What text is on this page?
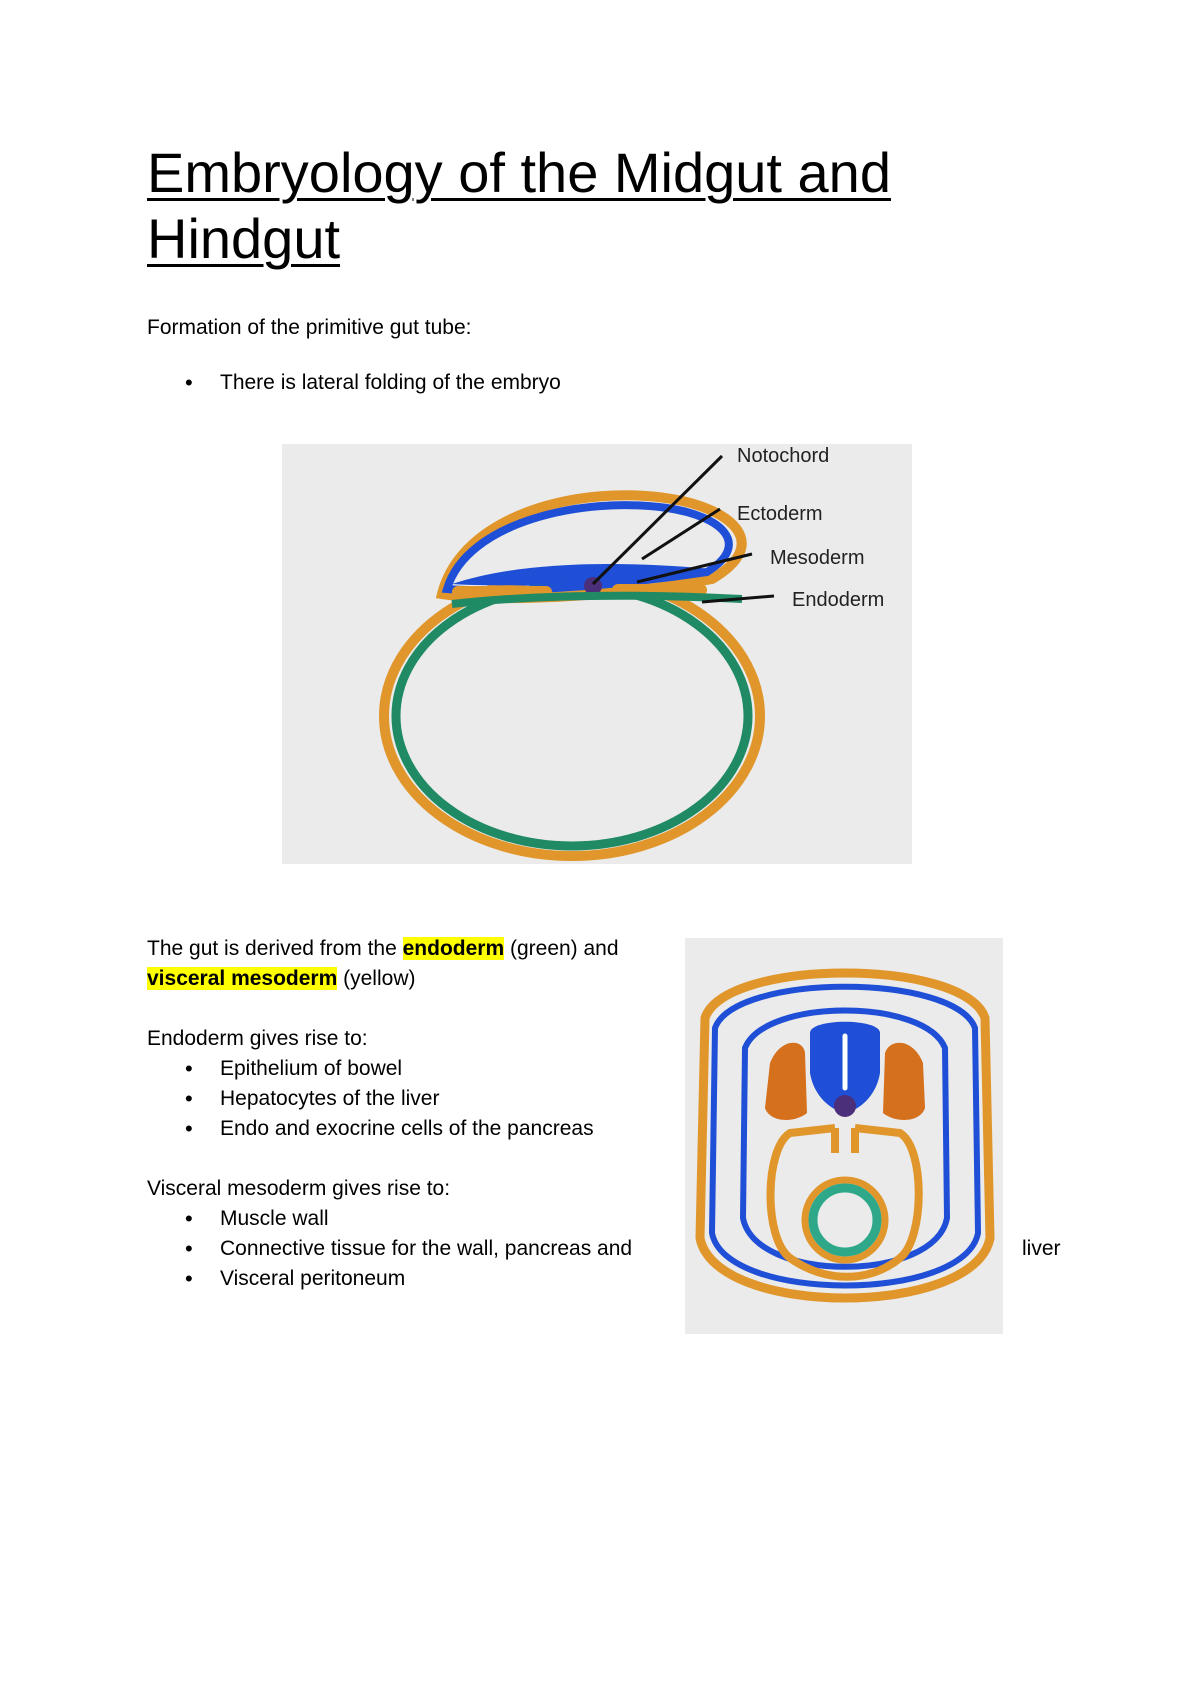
Embryology of the Midgut and Hindgut

Formation of the primitive gut tube:

• There is lateral folding of the embryo
Notochord
Ectoderm
Mesoderm
Endoderm

The gut is derived from the endoderm (green) and
visceral mesoderm (yellow)

Endoderm gives rise to:

• Epithelium of bowel
• Hepatocytes of the liver
• Endo and exocrine cells of the pancreas

Visceral mesoderm gives rise to:

• Muscle wall
• Connective tissue for the wall, pancreas and
• Visceral peritoneum
liver
